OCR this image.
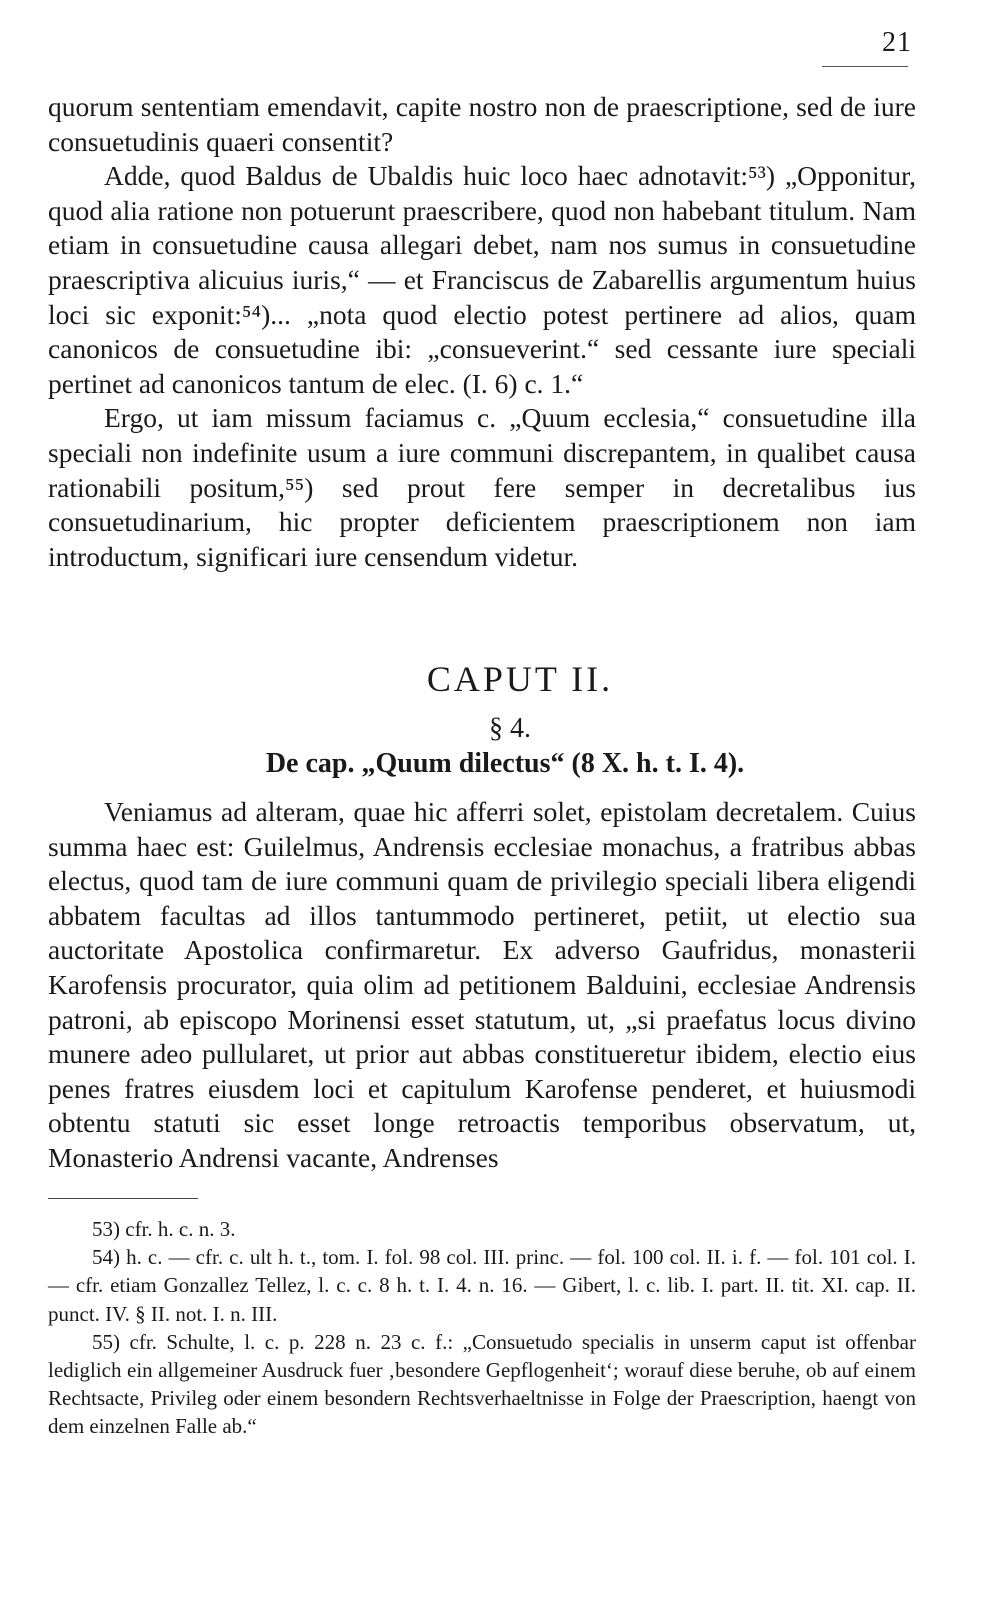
21

quorum sententiam emendavit, capite nostro non de praescriptione, sed de iure consuetudinis quaeri consentit?

Adde, quod Baldus de Ubaldis huic loco haec adnotavit:⁵³) „Opponitur, quod alia ratione non potuerunt praescribere, quod non habebant titulum. Nam etiam in consuetudine causa allegari debet, nam nos sumus in consuetudine praescriptiva alicuius iuris,“ — et Franciscus de Zabarellis argumentum huius loci sic exponit:⁵⁴)... „nota quod electio potest pertinere ad alios, quam canonicos de consuetudine ibi: „consueverint.“ sed cessante iure speciali pertinet ad canonicos tantum de elec. (I. 6) c. 1.“

Ergo, ut iam missum faciamus c. „Quum ecclesia,“ consuetudine illa speciali non indefinite usum a iure communi discrepantem, in qualibet causa rationabili positum,⁵⁵) sed prout fere semper in decretalibus ius consuetudinarium, hic propter deficientem praescriptionem non iam introductum, significari iure censendum videtur.

CAPUT II.
§ 4.
De cap. „Quum dilectus“ (8 X. h. t. I. 4).

Veniamus ad alteram, quae hic afferri solet, epistolam decretalem. Cuius summa haec est: Guilelmus, Andrensis ecclesiae monachus, a fratribus abbas electus, quod tam de iure communi quam de privilegio speciali libera eligendi abbatem facultas ad illos tantummodo pertineret, petiit, ut electio sua auctoritate Apostolica confirmaretur. Ex adverso Gaufridus, monasterii Karofensis procurator, quia olim ad petitionem Balduini, ecclesiae Andrensis patroni, ab episcopo Morinensi esset statutum, ut, „si praefatus locus divino munere adeo pullularet, ut prior aut abbas constitueretur ibidem, electio eius penes fratres eiusdem loci et capitulum Karofense penderet, et huiusmodi obtentu statuti sic esset longe retroactis temporibus observatum, ut, Monasterio Andrensi vacante, Andrenses

53) cfr. h. c. n. 3.

54) h. c. — cfr. c. ult h. t., tom. I. fol. 98 col. III. princ. — fol. 100 col. II. i. f. — fol. 101 col. I. — cfr. etiam Gonzallez Tellez, l. c. c. 8 h. t. I. 4. n. 16. — Gibert, l. c. lib. I. part. II. tit. XI. cap. II. punct. IV. § II. not. I. n. III.

55) cfr. Schulte, l. c. p. 228 n. 23 c. f.: „Consuetudo specialis in unserm caput ist offenbar lediglich ein allgemeiner Ausdruck fuer ‚besondere Gepflogenheit‘; worauf diese beruhe, ob auf einem Rechtsacte, Privileg oder einem besondern Rechtsverhaeltnisse in Folge der Praescription, haengt von dem einzelnen Falle ab.“
